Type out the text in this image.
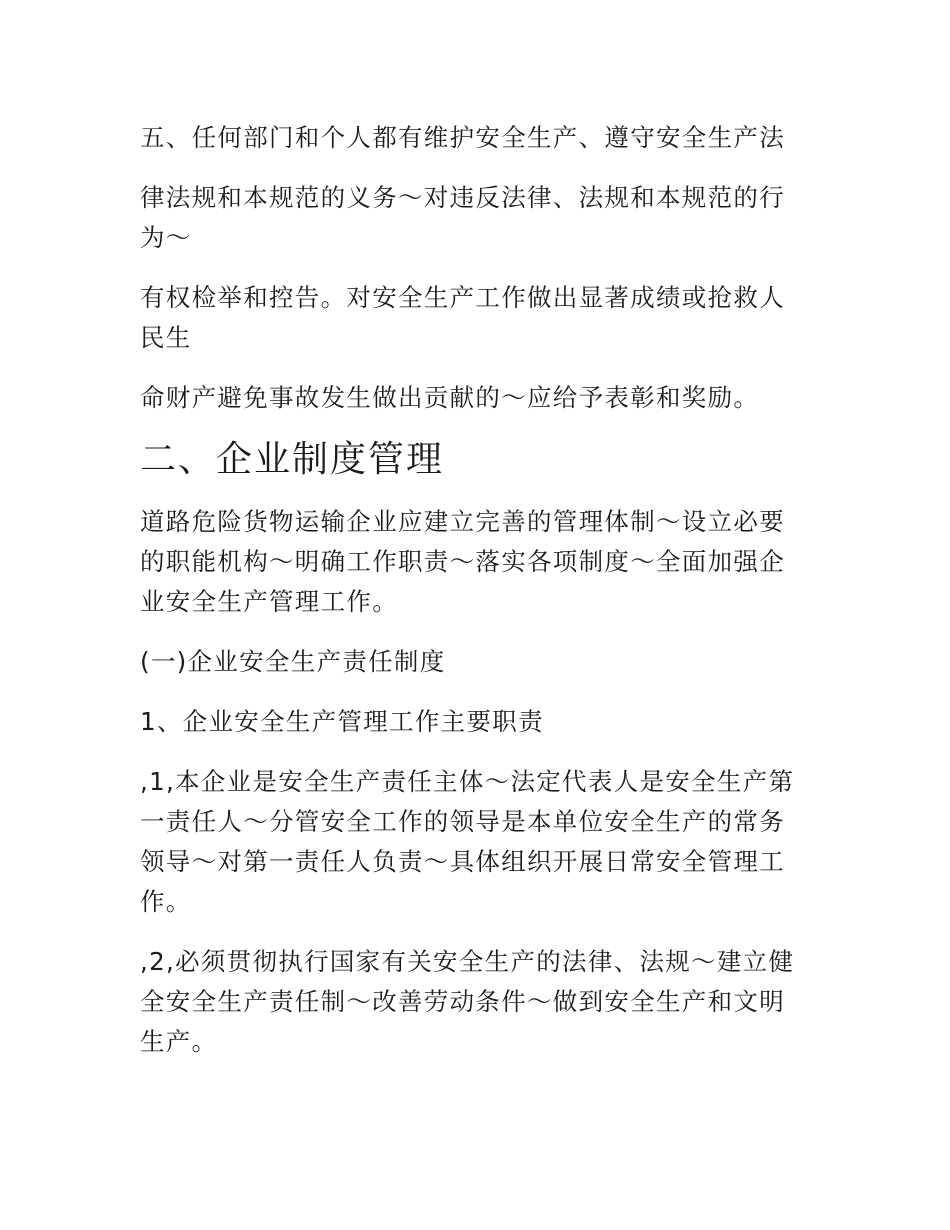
五、任何部门和个人都有维护安全生产、遵守安全生产法

律法规和本规范的义务～对违反法律、法规和本规范的行为～

有权检举和控告。对安全生产工作做出显著成绩或抢救人民生

命财产避免事故发生做出贡献的～应给予表彰和奖励。

二、企业制度管理

道路危险货物运输企业应建立完善的管理体制～设立必要的职能机构～明确工作职责～落实各项制度～全面加强企业安全生产管理工作。

(一)企业安全生产责任制度

1、企业安全生产管理工作主要职责

,1,本企业是安全生产责任主体～法定代表人是安全生产第一责任人～分管安全工作的领导是本单位安全生产的常务领导～对第一责任人负责～具体组织开展日常安全管理工作。

,2,必须贯彻执行国家有关安全生产的法律、法规～建立健全安全生产责任制～改善劳动条件～做到安全生产和文明生产。
